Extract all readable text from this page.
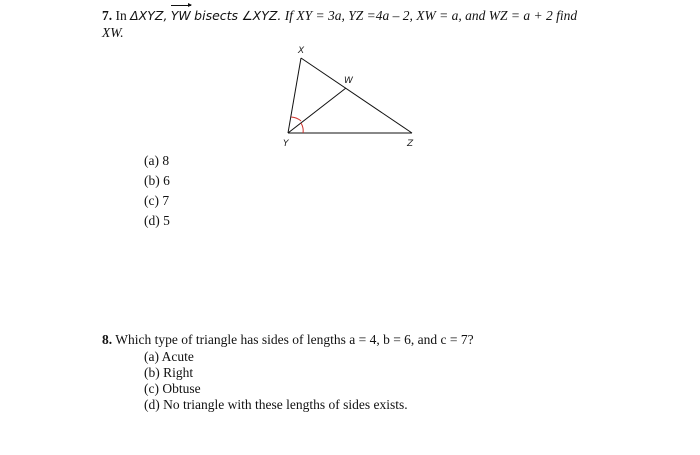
7. In ΔXYZ, YW bisects ∠XYZ. If XY = 3a, YZ =4a – 2, XW = a, and WZ = a + 2 find
XW.
X
W
Y	Z
(a) 8
(b) 6
(c) 7
(d) 5
8. Which type of triangle has sides of lengths a = 4, b = 6, and c = 7?
(a) Acute
(b) Right
(c) Obtuse
(d) No triangle with these lengths of sides exists.
